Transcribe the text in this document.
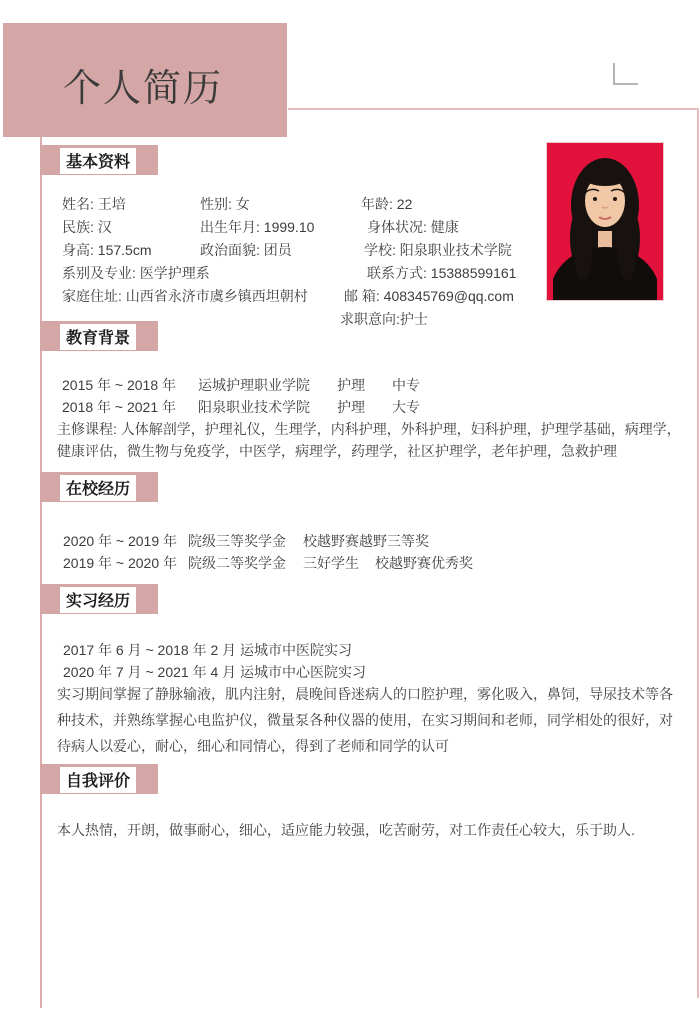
个人简历
基本资料
姓名: 王培	性别: 女	年龄: 22
民族: 汉	出生年月: 1999.10	身体状况: 健康
身高: 157.5cm	政治面貌: 团员	学校: 阳泉职业技术学院
系别及专业: 医学护理系	联系方式: 15388599161
家庭住址: 山西省永济市虞乡镇西坦朝村	邮 箱: 408345769@qq.com
求职意向:护士
教育背景
2015 年 ~ 2018 年 运城护理职业学院 护理 中专
2018 年 ~ 2021 年 阳泉职业技术学院 护理 大专
主修课程: 人体解剖学，护理礼仪，生理学，内科护理，外科护理，妇科护理，护理学基础，病理学，
健康评估，微生物与免疫学，中医学，病理学，药理学，社区护理学，老年护理，急救护理
在校经历
2020 年 ~ 2019 年 院级三等奖学金 校越野赛越野三等奖
2019 年 ~ 2020 年 院级二等奖学金 三好学生 校越野赛优秀奖
实习经历
2017 年 6 月 ~ 2018 年 2 月 运城市中医院实习
2020 年 7 月 ~ 2021 年 4 月 运城市中心医院实习
实习期间掌握了静脉输液，肌内注射，晨晚间昏迷病人的口腔护理，雾化吸入，鼻饲，导尿技术等各
种技术，并熟练掌握心电监护仪，微量泵各种仪器的使用，在实习期间和老师，同学相处的很好，对
待病人以爱心，耐心，细心和同情心，得到了老师和同学的认可
自我评价
本人热情，开朗，做事耐心，细心，适应能力较强，吃苦耐劳，对工作责任心较大，乐于助人.
